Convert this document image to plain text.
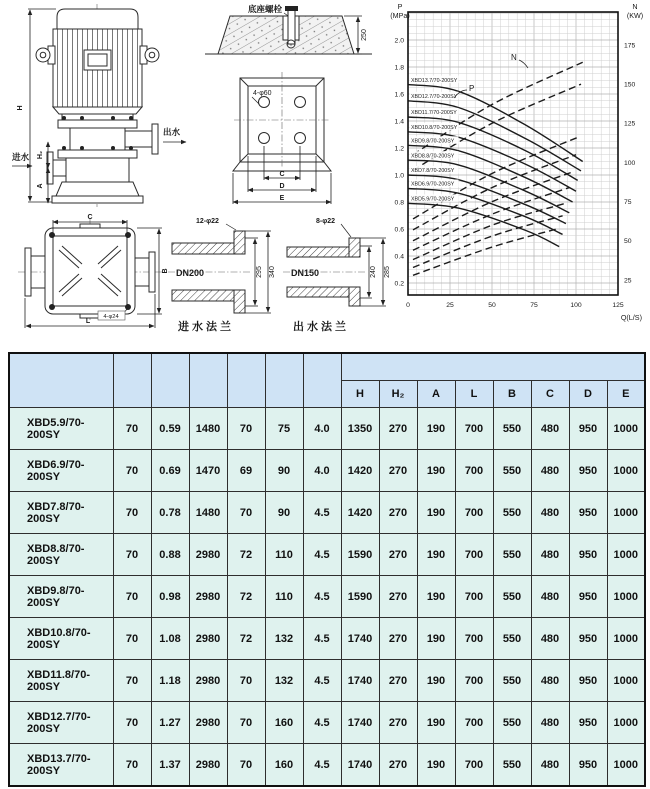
H
出水
进水 H₂
A
底座螺栓
250
4-φ60
C
D
E
C
B
L
4-φ24
DN200
12-φ22
295 340
进水法兰
DN150
8-φ22
240 285
出水法兰
XBD13.7/70-200SY
XBD12.7/70-200SY
XBD11.7/70-200SY
XBD10.8/70-200SY
XBD9.8/70-200SY
XBD8.8/70-200SY
XBD7.8/70-200SY
XBD6.9/70-200SY
XBD5.9/70-200SY
P
N
2.0
1.8
1.6
1.4
1.2
1.0
0.8
0.6
0.4
0.2
175
150
125
100
75
50
25
0	25	50	75	100	125
P
(MPa)
N
(KW)
Q(L/S)

							H	H₂	A	L	B	C	D	E
XBD5.9/70-200SY	70	0.59	1480	70	75	4.0	1350	270	190	700	550	480	950	1000
XBD6.9/70-200SY	70	0.69	1470	69	90	4.0	1420	270	190	700	550	480	950	1000
XBD7.8/70-200SY	70	0.78	1480	70	90	4.5	1420	270	190	700	550	480	950	1000
XBD8.8/70-200SY	70	0.88	2980	72	110	4.5	1590	270	190	700	550	480	950	1000
XBD9.8/70-200SY	70	0.98	2980	72	110	4.5	1590	270	190	700	550	480	950	1000
XBD10.8/70-200SY	70	1.08	2980	72	132	4.5	1740	270	190	700	550	480	950	1000
XBD11.8/70-200SY	70	1.18	2980	70	132	4.5	1740	270	190	700	550	480	950	1000
XBD12.7/70-200SY	70	1.27	2980	70	160	4.5	1740	270	190	700	550	480	950	1000
XBD13.7/70-200SY	70	1.37	2980	70	160	4.5	1740	270	190	700	550	480	950	1000
